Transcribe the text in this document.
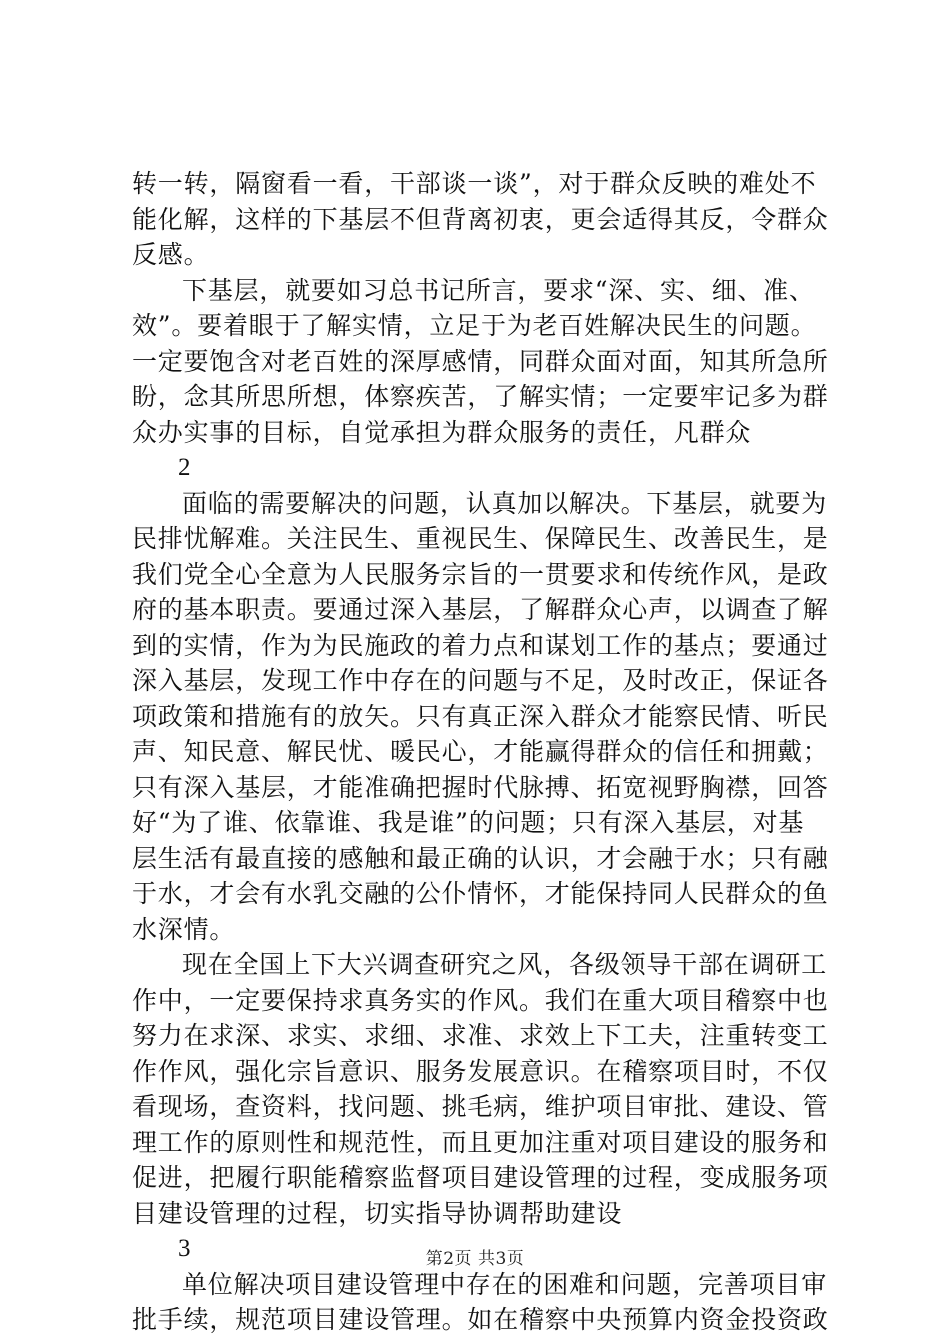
转一转，隔窗看一看，干部谈一谈”，对于群众反映的难处不
能化解，这样的下基层不但背离初衷，更会适得其反，令群众
反感。
下基层，就要如习总书记所言，要求“深、实、细、准、
效”。要着眼于了解实情，立足于为老百姓解决民生的问题。
一定要饱含对老百姓的深厚感情，同群众面对面，知其所急所
盼，念其所思所想，体察疾苦，了解实情；一定要牢记多为群
众办实事的目标，自觉承担为群众服务的责任，凡群众
2
面临的需要解决的问题，认真加以解决。下基层，就要为
民排忧解难。关注民生、重视民生、保障民生、改善民生，是
我们党全心全意为人民服务宗旨的一贯要求和传统作风，是政
府的基本职责。要通过深入基层，了解群众心声，以调查了解
到的实情，作为为民施政的着力点和谋划工作的基点；要通过
深入基层，发现工作中存在的问题与不足，及时改正，保证各
项政策和措施有的放矢。只有真正深入群众才能察民情、听民
声、知民意、解民忧、暖民心，才能赢得群众的信任和拥戴；
只有深入基层，才能准确把握时代脉搏、拓宽视野胸襟，回答
好“为了谁、依靠谁、我是谁”的问题；只有深入基层，对基
层生活有最直接的感触和最正确的认识，才会融于水；只有融
于水，才会有水乳交融的公仆情怀，才能保持同人民群众的鱼
水深情。
现在全国上下大兴调查研究之风，各级领导干部在调研工
作中，一定要保持求真务实的作风。我们在重大项目稽察中也
努力在求深、求实、求细、求准、求效上下工夫，注重转变工
作作风，强化宗旨意识、服务发展意识。在稽察项目时，不仅
看现场，查资料，找问题、挑毛病，维护项目审批、建设、管
理工作的原则性和规范性，而且更加注重对项目建设的服务和
促进，把履行职能稽察监督项目建设管理的过程，变成服务项
目建设管理的过程，切实指导协调帮助建设
3
单位解决项目建设管理中存在的困难和问题，完善项目审
批手续，规范项目建设管理。如在稽察中央预算内资金投资政
第2页 共3页
